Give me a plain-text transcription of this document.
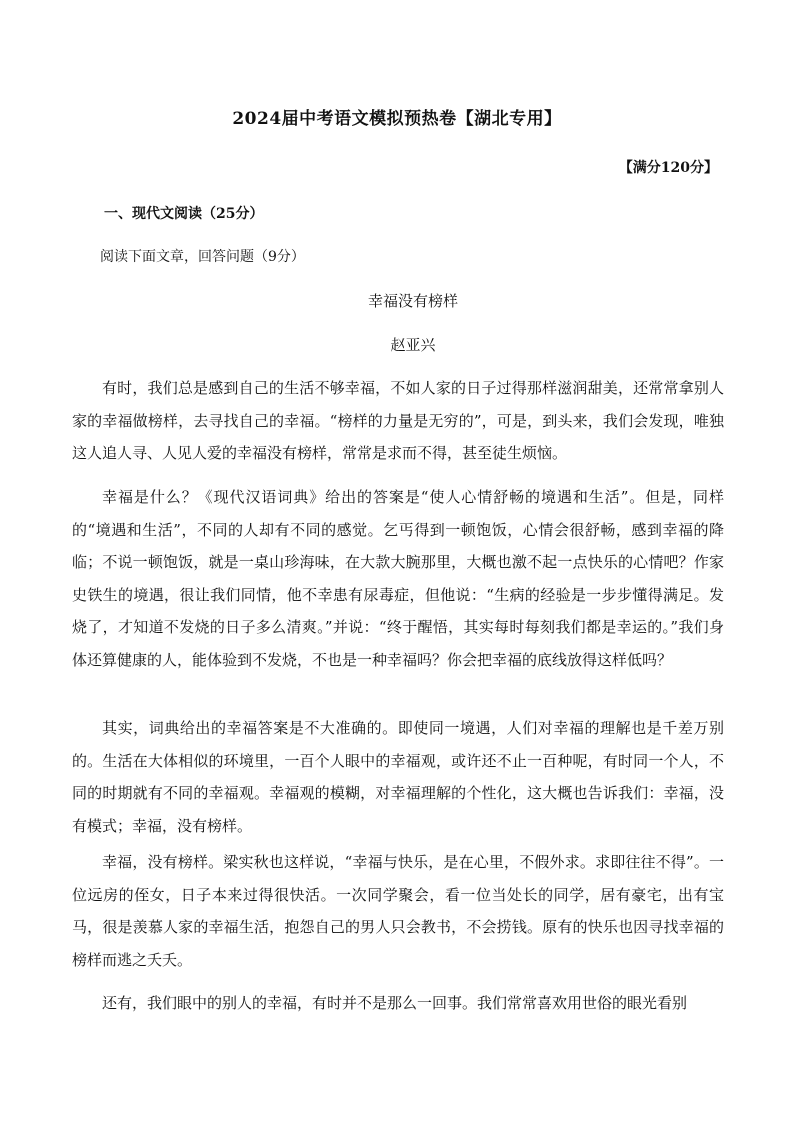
2024届中考语文模拟预热卷【湖北专用】
【满分120分】
一、现代文阅读（25分）
阅读下面文章，回答问题（9分）
幸福没有榜样
赵亚兴

有时，我们总是感到自己的生活不够幸福，不如人家的日子过得那样滋润甜美，还常常拿别人家的幸福做榜样，去寻找自己的幸福。“榜样的力量是无穷的”，可是，到头来，我们会发现，唯独这人追人寻、人见人爱的幸福没有榜样，常常是求而不得，甚至徒生烦恼。

幸福是什么？《现代汉语词典》给出的答案是“使人心情舒畅的境遇和生活”。但是，同样的“境遇和生活”，不同的人却有不同的感觉。乞丐得到一顿饱饭，心情会很舒畅，感到幸福的降临；不说一顿饱饭，就是一桌山珍海味，在大款大腕那里，大概也激不起一点快乐的心情吧？作家史铁生的境遇，很让我们同情，他不幸患有尿毒症，但他说：“生病的经验是一步步懂得满足。发烧了，才知道不发烧的日子多么清爽。”并说：“终于醒悟，其实每时每刻我们都是幸运的。”我们身体还算健康的人，能体验到不发烧，不也是一种幸福吗？你会把幸福的底线放得这样低吗？

其实，词典给出的幸福答案是不大准确的。即使同一境遇，人们对幸福的理解也是千差万别的。生活在大体相似的环境里，一百个人眼中的幸福观，或许还不止一百种呢，有时同一个人，不同的时期就有不同的幸福观。幸福观的模糊，对幸福理解的个性化，这大概也告诉我们：幸福，没有模式；幸福，没有榜样。

幸福，没有榜样。梁实秋也这样说，“幸福与快乐，是在心里，不假外求。求即往往不得”。一位远房的侄女，日子本来过得很快活。一次同学聚会，看一位当处长的同学，居有豪宅，出有宝马，很是羡慕人家的幸福生活，抱怨自己的男人只会教书，不会捞钱。原有的快乐也因寻找幸福的榜样而逃之夭夭。

还有，我们眼中的别人的幸福，有时并不是那么一回事。我们常常喜欢用世俗的眼光看别
